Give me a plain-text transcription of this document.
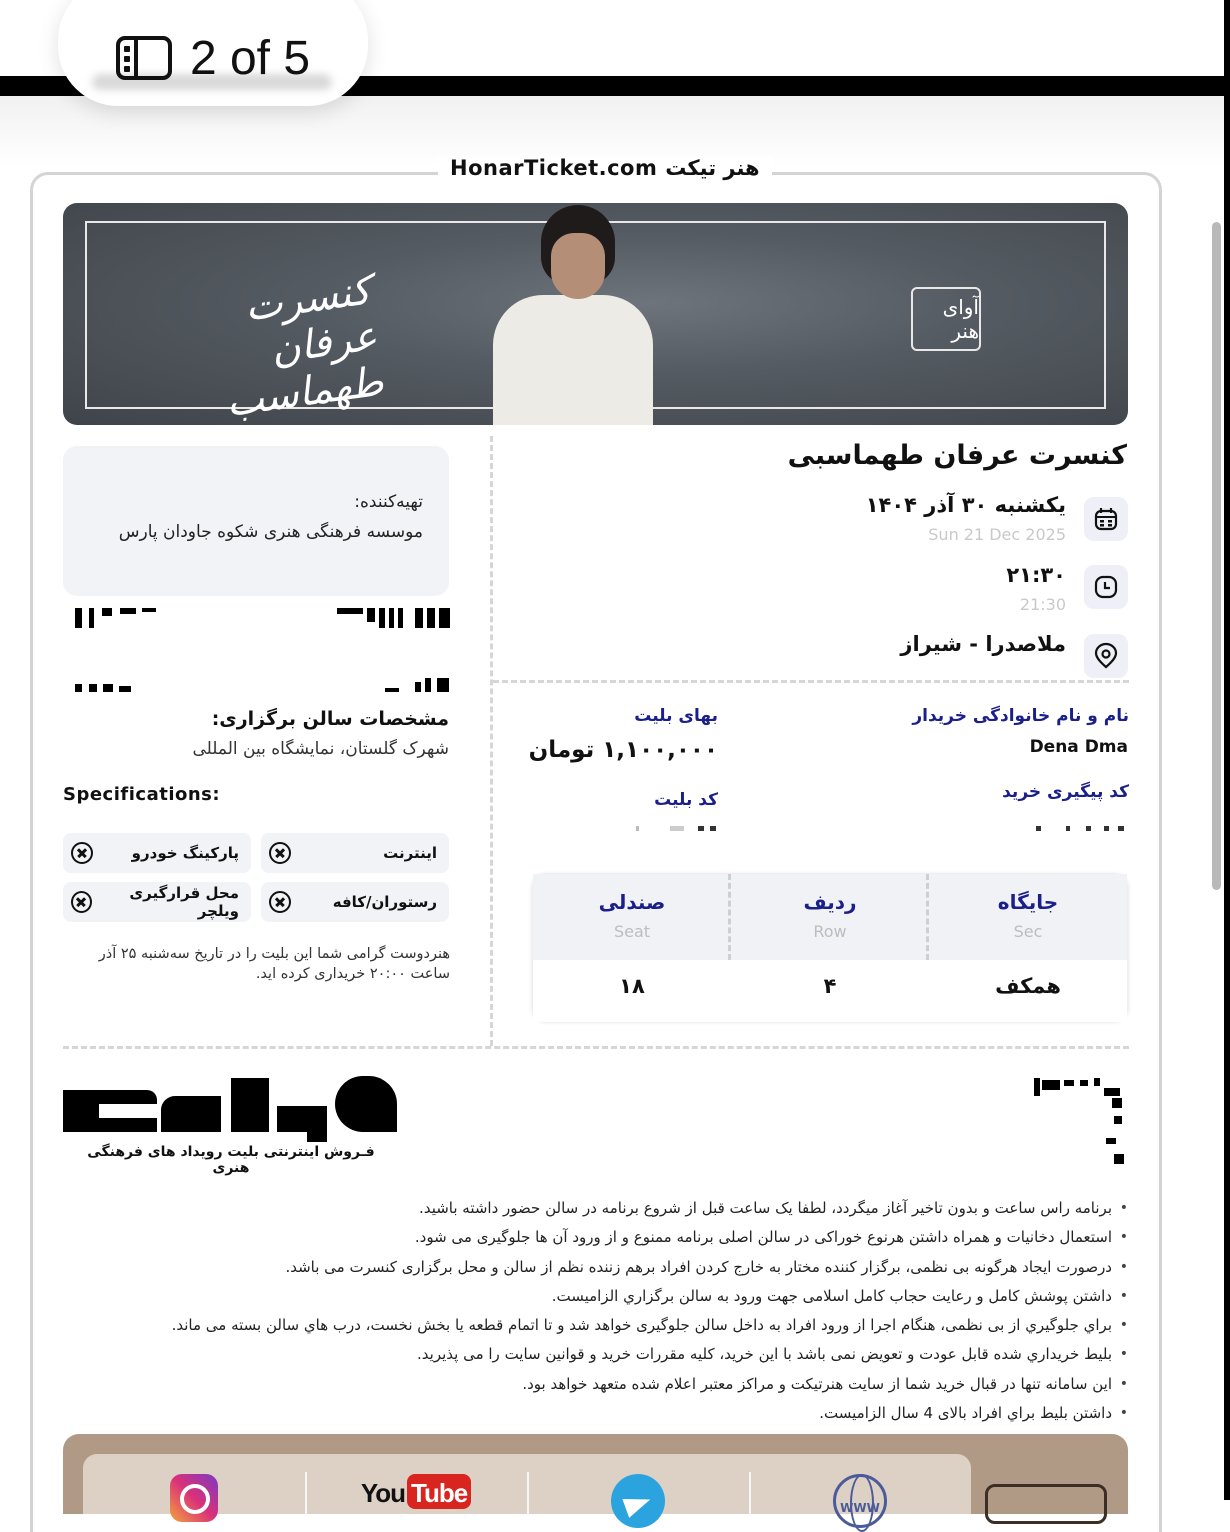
2 of 5
HonarTicket.com هنر تیکت
کنسرت عرفان طهماسب
آوای هنر
کنسرت عرفان طهماسبی
یکشنبه ۳۰ آذر ۱۴۰۴
Sun 21 Dec 2025
۲۱:۳۰
21:30
ملاصدرا - شیراز
تهیه‌کننده:
موسسه فرهنگی هنری شکوه جاودان پارس
مشخصات سالن برگزاری:
شهرک گلستان، نمایشگاه بین المللی
Specifications:
اینترنت
پارکینگ خودرو
رستوران/کافه
محل قرارگیری ویلچر
هنردوست گرامی شما این بلیت را در تاریخ سه‌شنبه ۲۵ آذر ساعت ۲۰:۰۰ خریداری کرده اید.
نام و نام خانوادگی خریدار
Dena Dma
کد پیگیری خرید
بهای بلیت
۱,۱۰۰,۰۰۰ تومان
کد بلیت
جایگاه
Sec
ردیف
Row
صندلی
Seat
همکف
۴
۱۸
فـروش اینترنتی بلیت رویداد های فرهنگی هنری
• برنامه راس ساعت و بدون تاخیر آغاز میگردد، لطفا یک ساعت قبل از شروع برنامه در سالن حضور داشته باشید.
• استعمال دخانیات و همراه داشتن هرنوع خوراکی در سالن اصلی برنامه ممنوع و از ورود آن ها جلوگیری می شود.
• درصورت ایجاد هرگونه بی نظمی، برگزار کننده مختار به خارج کردن افراد برهم زننده نظم از سالن و محل برگزاری کنسرت می باشد.
• داشتن پوشش کامل و رعایت حجاب کامل اسلامی جهت ورود به سالن برگزاري الزامیست.
• براي جلوگیري از بی نظمی، هنگام اجرا از ورود افراد به داخل سالن جلوگیری خواهد شد و تا اتمام قطعه یا بخش نخست، درب هاي سالن بسته می ماند.
• بلیط خریداري شده قابل عودت و تعویض نمی باشد با این خرید، کلیه مقررات خرید و قوانین سایت را می پذیرید.
• این سامانه تنها در قبال خرید شما از سایت هنرتیکت و مراکز معتبر اعلام شده متعهد خواهد بود.
• داشتن بلیط براي افراد بالای 4 سال الزامیست.
You Tube	WWW
